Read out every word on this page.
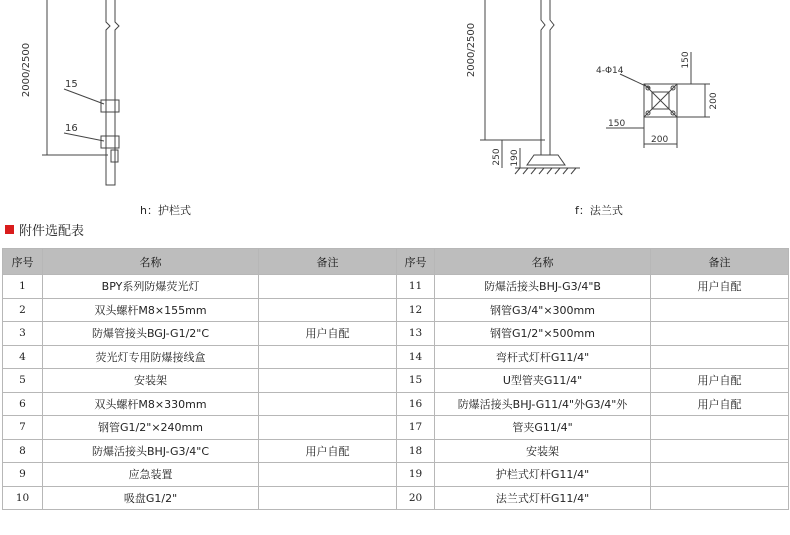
2000/2500	15
16
2000/2500	4-Φ14
150
200
150
200
250 190
h：护栏式	f：法兰式
附件选配表
序号	名称	备注	序号	名称	备注
1	BPY系列防爆荧光灯		11	防爆活接头BHJ-G3/4"B	用户自配
2	双头螺杆M8×155mm		12	钢管G3/4"×300mm	
3	防爆管接头BGJ-G1/2"C	用户自配	13	钢管G1/2"×500mm	
4	荧光灯专用防爆接线盒		14	弯杆式灯杆G11/4"	
5	安装架		15	U型管夹G11/4"	用户自配
6	双头螺杆M8×330mm		16	防爆活接头BHJ-G11/4"外G3/4"外	用户自配
7	钢管G1/2"×240mm		17	管夹G11/4"	
8	防爆活接头BHJ-G3/4"C	用户自配	18	安装架	
9	应急装置		19	护栏式灯杆G11/4"	
10	吸盘G1/2"		20	法兰式灯杆G11/4"	
